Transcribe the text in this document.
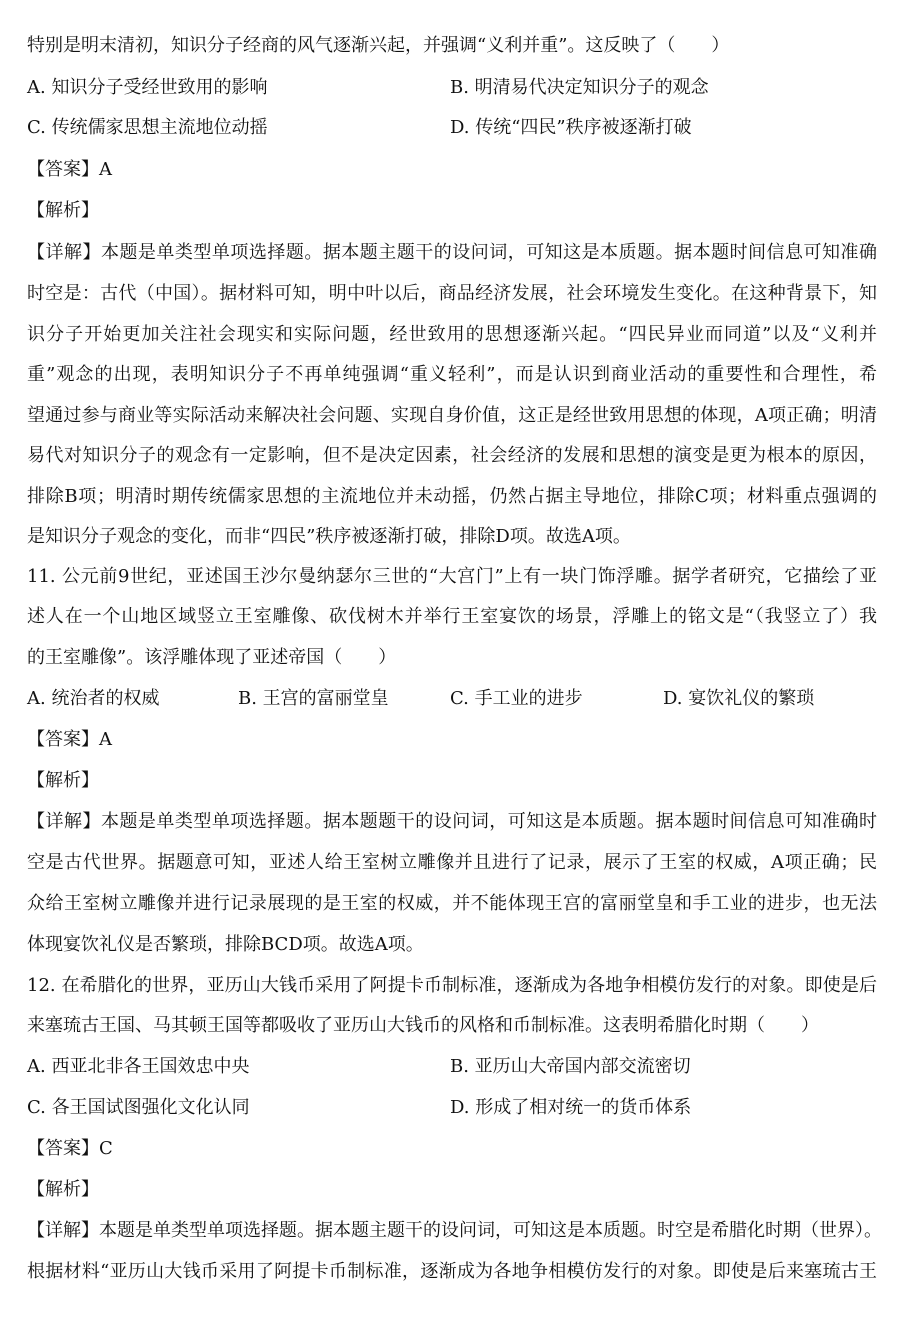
特别是明末清初，知识分子经商的风气逐渐兴起，并强调“义利并重”。这反映了（　　）
A. 知识分子受经世致用的影响	B. 明清易代决定知识分子的观念
C. 传统儒家思想主流地位动摇	D. 传统“四民”秩序被逐渐打破
【答案】A
【解析】
【详解】本题是单类型单项选择题。据本题主题干的设问词，可知这是本质题。据本题时间信息可知准确
时空是：古代（中国）。据材料可知，明中叶以后，商品经济发展，社会环境发生变化。在这种背景下，知
识分子开始更加关注社会现实和实际问题，经世致用的思想逐渐兴起。“四民异业而同道”以及“义利并
重”观念的出现，表明知识分子不再单纯强调“重义轻利”，而是认识到商业活动的重要性和合理性，希
望通过参与商业等实际活动来解决社会问题、实现自身价值，这正是经世致用思想的体现，A项正确；明清
易代对知识分子的观念有一定影响，但不是决定因素，社会经济的发展和思想的演变是更为根本的原因，
排除B项；明清时期传统儒家思想的主流地位并未动摇，仍然占据主导地位，排除C项；材料重点强调的
是知识分子观念的变化，而非“四民”秩序被逐渐打破，排除D项。故选A项。
11. 公元前9世纪，亚述国王沙尔曼纳瑟尔三世的“大宫门”上有一块门饰浮雕。据学者研究，它描绘了亚
述人在一个山地区域竖立王室雕像、砍伐树木并举行王室宴饮的场景，浮雕上的铭文是“（我竖立了）我
的王室雕像”。该浮雕体现了亚述帝国（　　）
A. 统治者的权威	B. 王宫的富丽堂皇	C. 手工业的进步	D. 宴饮礼仪的繁琐
【答案】A
【解析】
【详解】本题是单类型单项选择题。据本题题干的设问词，可知这是本质题。据本题时间信息可知准确时
空是古代世界。据题意可知，亚述人给王室树立雕像并且进行了记录，展示了王室的权威，A项正确；民
众给王室树立雕像并进行记录展现的是王室的权威，并不能体现王宫的富丽堂皇和手工业的进步，也无法
体现宴饮礼仪是否繁琐，排除BCD项。故选A项。
12. 在希腊化的世界，亚历山大钱币采用了阿提卡币制标准，逐渐成为各地争相模仿发行的对象。即使是后
来塞琉古王国、马其顿王国等都吸收了亚历山大钱币的风格和币制标准。这表明希腊化时期（　　）
A. 西亚北非各王国效忠中央	B. 亚历山大帝国内部交流密切
C. 各王国试图强化文化认同	D. 形成了相对统一的货币体系
【答案】C
【解析】
【详解】本题是单类型单项选择题。据本题主题干的设问词，可知这是本质题。时空是希腊化时期（世界）。
根据材料“亚历山大钱币采用了阿提卡币制标准，逐渐成为各地争相模仿发行的对象。即使是后来塞琉古王
